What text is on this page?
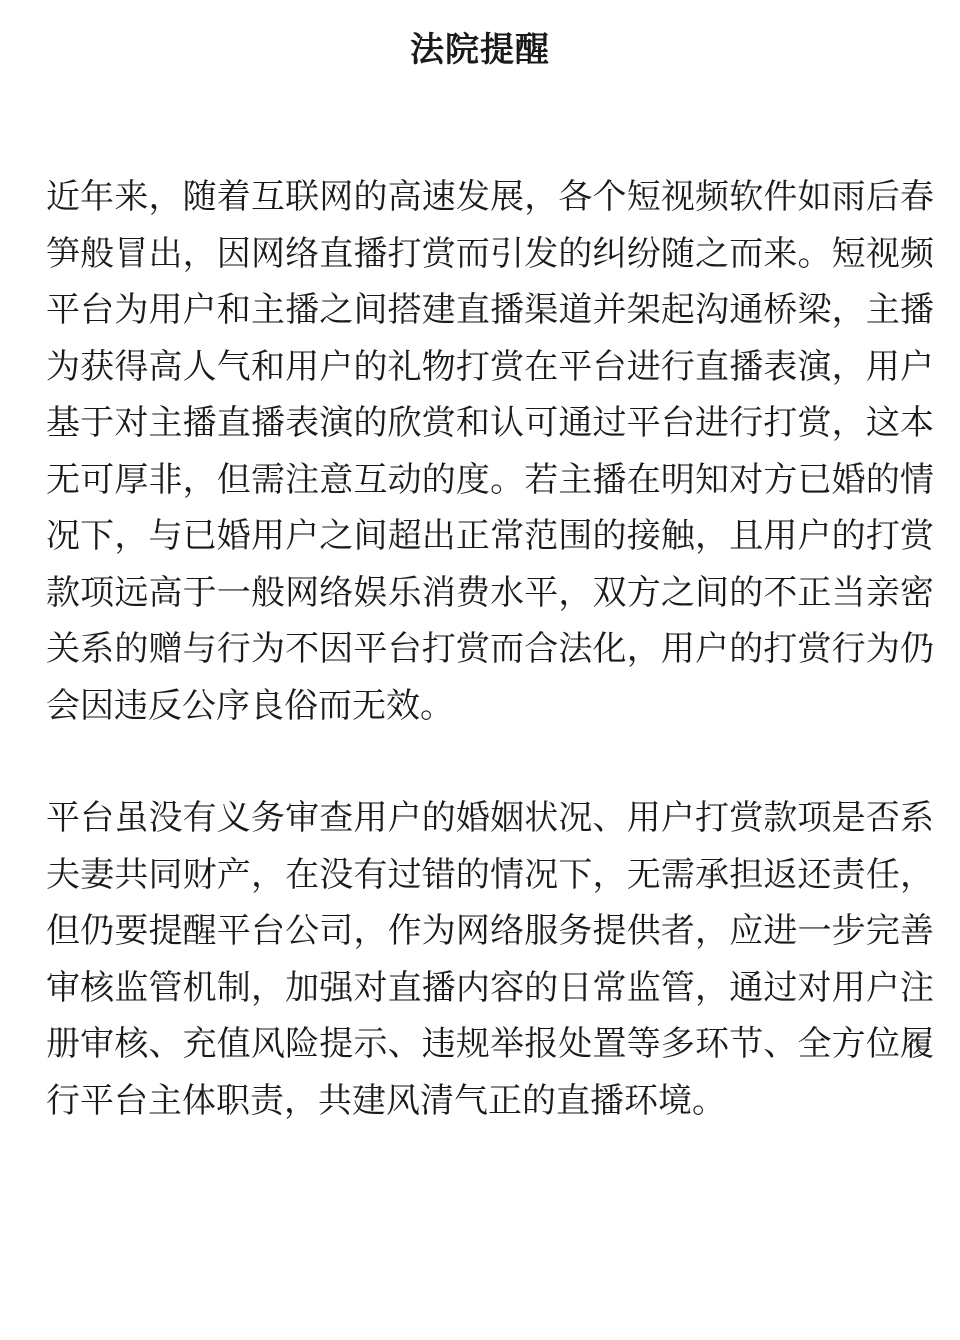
法院提醒

近年来，随着互联网的高速发展，各个短视频软件如雨后春笋般冒出，因网络直播打赏而引发的纠纷随之而来。短视频平台为用户和主播之间搭建直播渠道并架起沟通桥梁，主播为获得高人气和用户的礼物打赏在平台进行直播表演，用户基于对主播直播表演的欣赏和认可通过平台进行打赏，这本无可厚非，但需注意互动的度。若主播在明知对方已婚的情况下，与已婚用户之间超出正常范围的接触，且用户的打赏款项远高于一般网络娱乐消费水平，双方之间的不正当亲密关系的赠与行为不因平台打赏而合法化，用户的打赏行为仍会因违反公序良俗而无效。

平台虽没有义务审查用户的婚姻状况、用户打赏款项是否系夫妻共同财产，在没有过错的情况下，无需承担返还责任，但仍要提醒平台公司，作为网络服务提供者，应进一步完善审核监管机制，加强对直播内容的日常监管，通过对用户注册审核、充值风险提示、违规举报处置等多环节、全方位履行平台主体职责，共建风清气正的直播环境。
